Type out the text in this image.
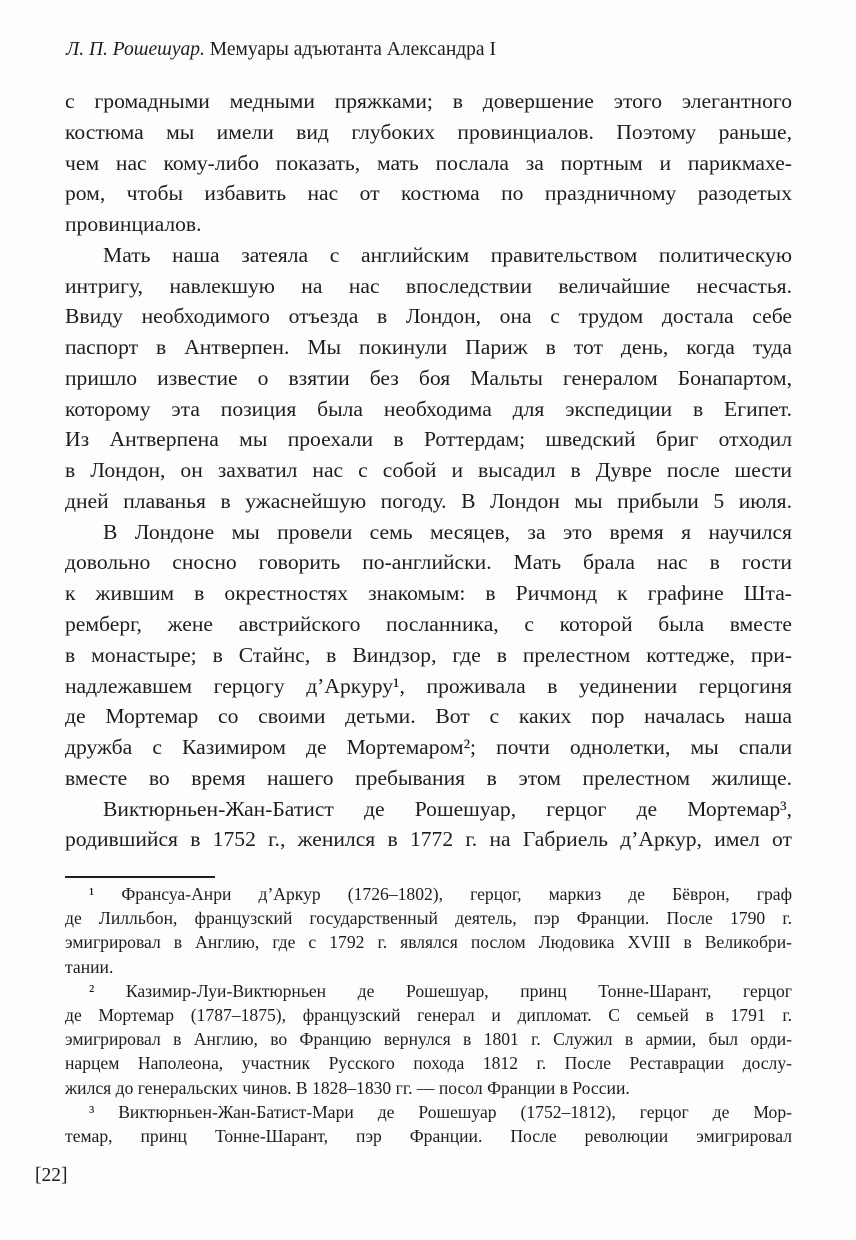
Л. П. Рошешуар. Мемуары адъютанта Александра I
с громадными медными пряжками; в довершение этого элегантного
костюма мы имели вид глубоких провинциалов. Поэтому раньше,
чем нас кому-либо показать, мать послала за портным и парикмахе-
ром, чтобы избавить нас от костюма по праздничному разодетых
провинциалов.
Мать наша затеяла с английским правительством политическую
интригу, навлекшую на нас впоследствии величайшие несчастья.
Ввиду необходимого отъезда в Лондон, она с трудом достала себе
паспорт в Антверпен. Мы покинули Париж в тот день, когда туда
пришло известие о взятии без боя Мальты генералом Бонапартом,
которому эта позиция была необходима для экспедиции в Египет.
Из Антверпена мы проехали в Роттердам; шведский бриг отходил
в Лондон, он захватил нас с собой и высадил в Дувре после шести
дней плаванья в ужаснейшую погоду. В Лондон мы прибыли 5 июля.
В Лондоне мы провели семь месяцев, за это время я научился
довольно сносно говорить по-английски. Мать брала нас в гости
к жившим в окрестностях знакомым: в Ричмонд к графине Шта-
ремберг, жене австрийского посланника, с которой была вместе
в монастыре; в Стайнс, в Виндзор, где в прелестном коттедже, при-
надлежавшем герцогу д’Аркуру¹, проживала в уединении герцогиня
де Мортемар со своими детьми. Вот с каких пор началась наша
дружба с Казимиром де Мортемаром²; почти однолетки, мы спали
вместе во время нашего пребывания в этом прелестном жилище.
Виктюрньен-Жан-Батист де Рошешуар, герцог де Мортемар³,
родившийся в 1752 г., женился в 1772 г. на Габриель д’Аркур, имел от
¹ Франсуа-Анри д’Аркур (1726–1802), герцог, маркиз де Бёврон, граф
де Лилльбон, французский государственный деятель, пэр Франции. После 1790 г.
эмигрировал в Англию, где с 1792 г. являлся послом Людовика XVIII в Великобри-
тании.
² Казимир-Луи-Виктюрньен де Рошешуар, принц Тонне-Шарант, герцог
де Мортемар (1787–1875), французский генерал и дипломат. С семьей в 1791 г.
эмигрировал в Англию, во Францию вернулся в 1801 г. Служил в армии, был орди-
нарцем Наполеона, участник Русского похода 1812 г. После Реставрации дослу-
жился до генеральских чинов. В 1828–1830 гг. — посол Франции в России.
³ Виктюрньен-Жан-Батист-Мари де Рошешуар (1752–1812), герцог де Мор-
темар, принц Тонне-Шарант, пэр Франции. После революции эмигрировал
[22]
